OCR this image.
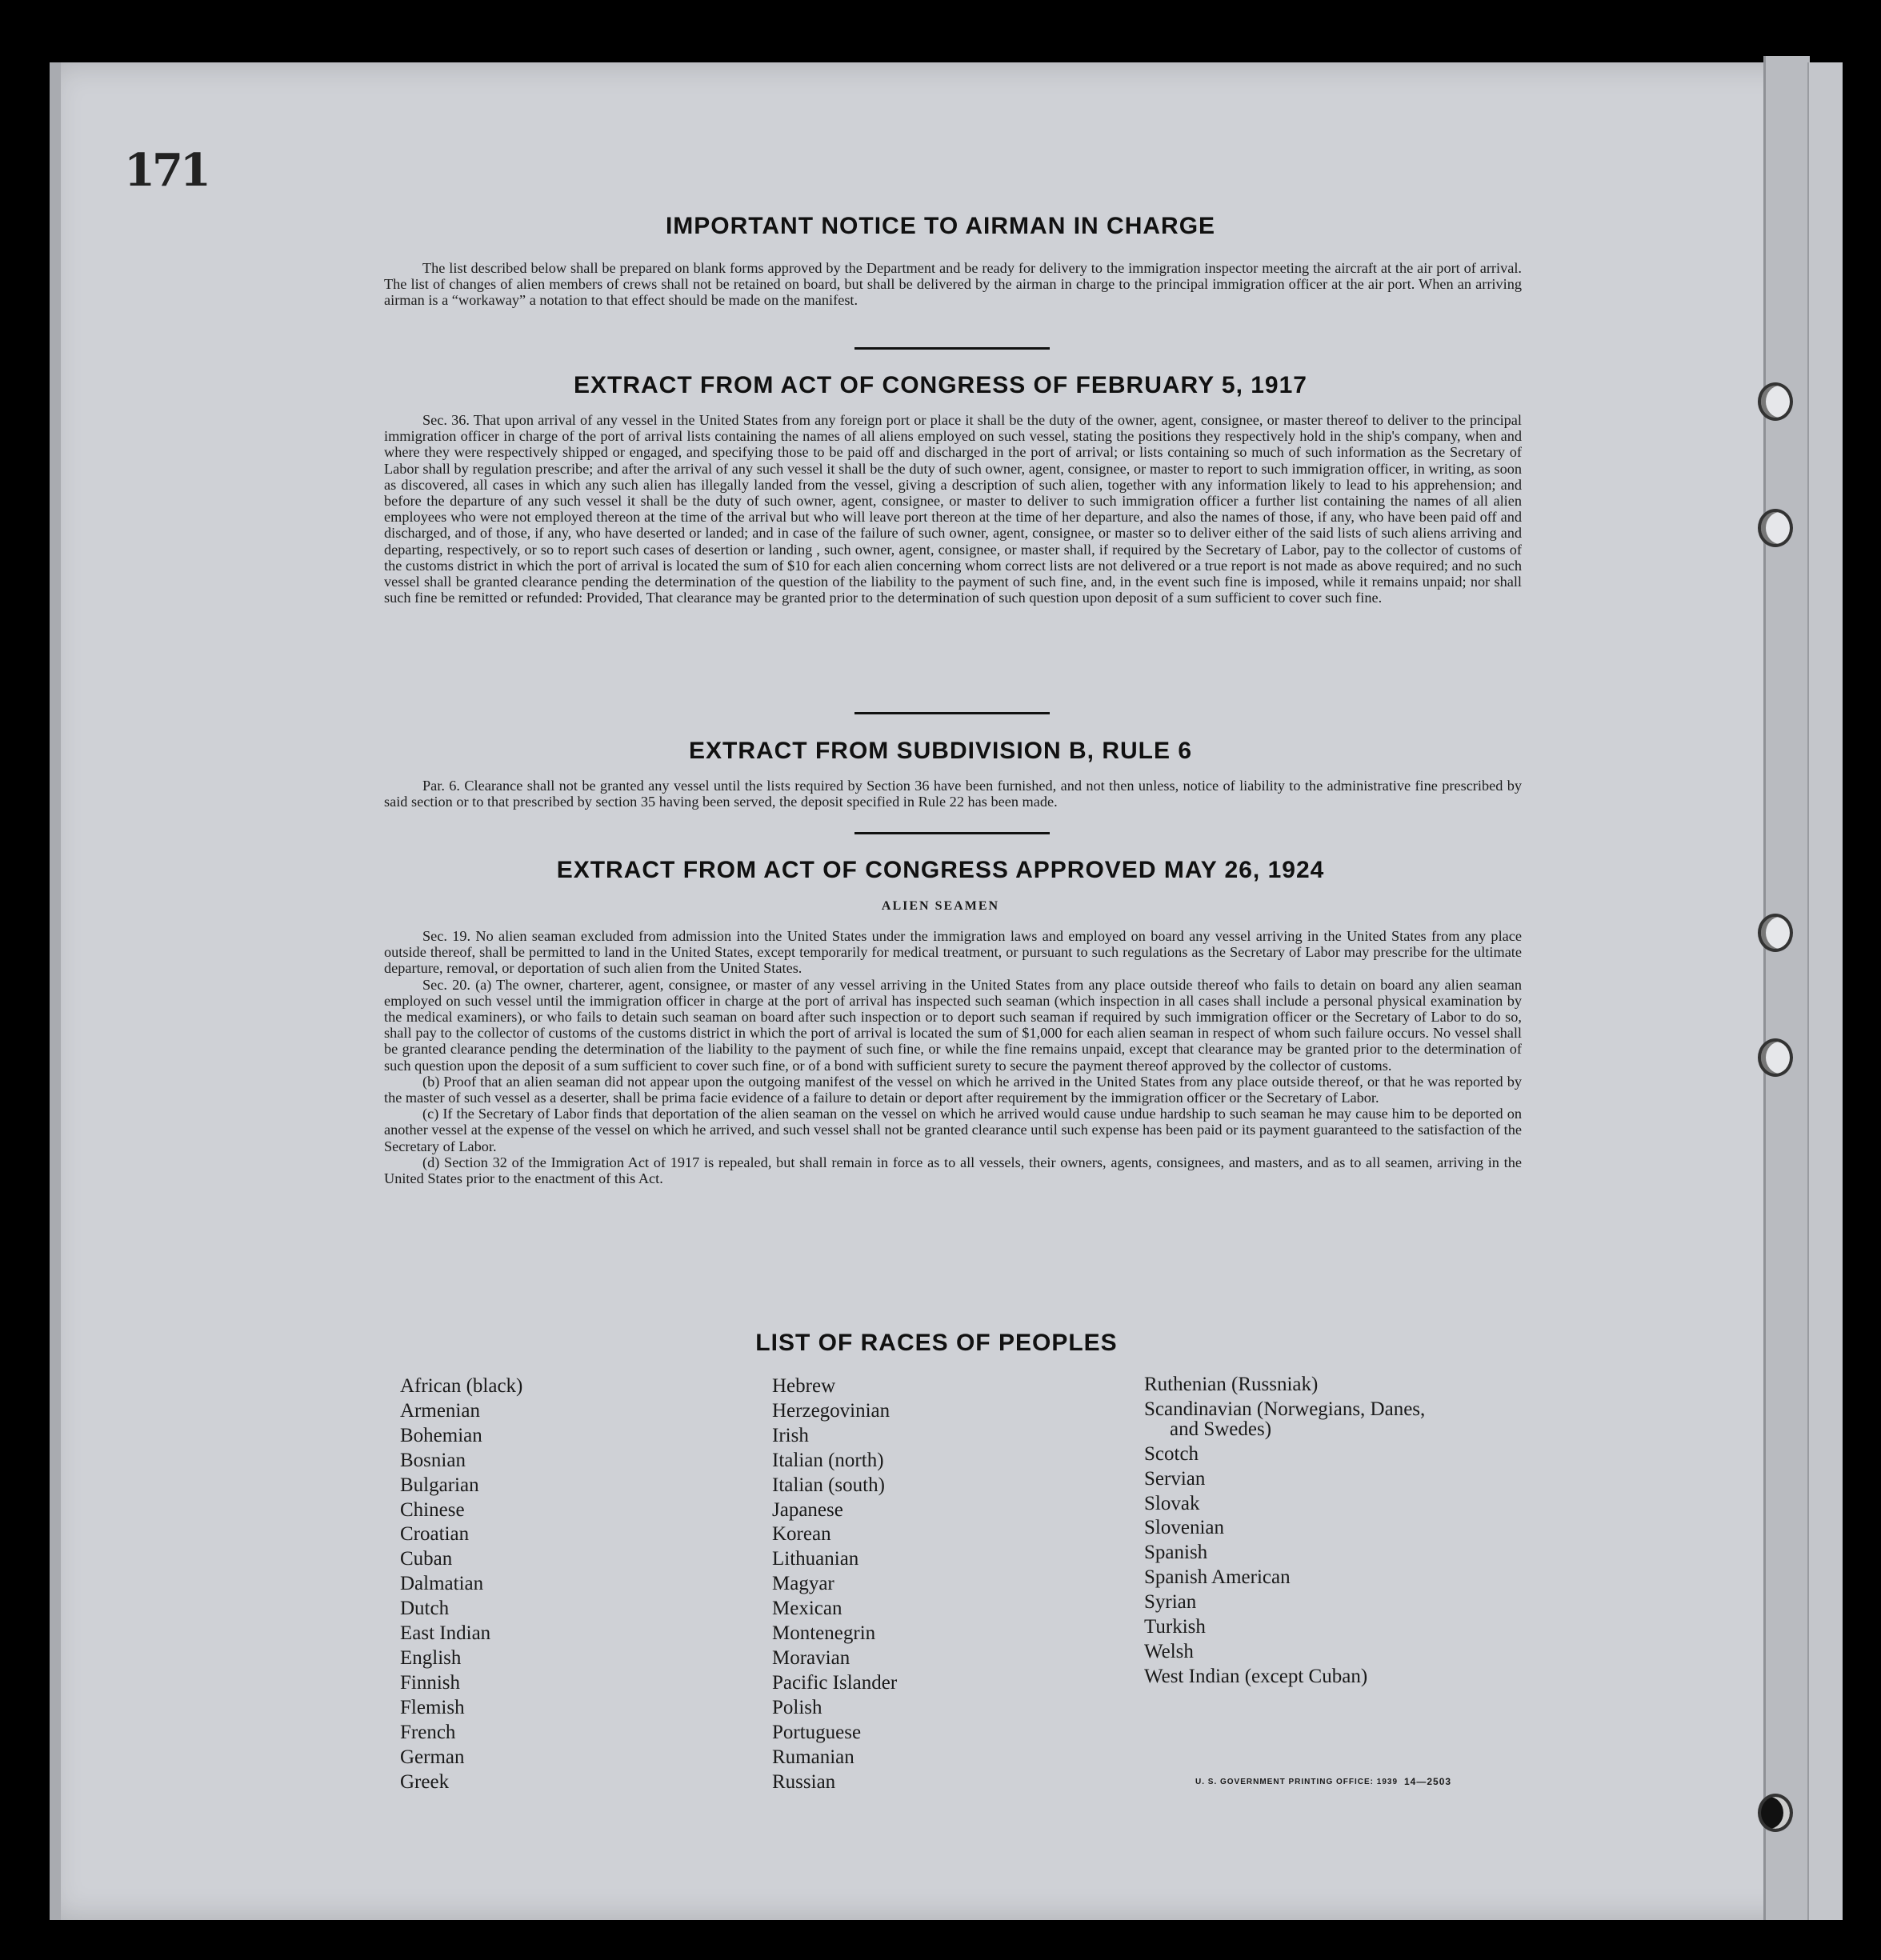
171
IMPORTANT NOTICE TO AIRMAN IN CHARGE

The list described below shall be prepared on blank forms approved by the Department and be ready for delivery to the immigration inspector meeting the aircraft at the air port of arrival. The list of changes of alien members of crews shall not be retained on board, but shall be delivered by the airman in charge to the principal immigration officer at the air port. When an arriving airman is a “workaway” a notation to that effect should be made on the manifest.

EXTRACT FROM ACT OF CONGRESS OF FEBRUARY 5, 1917

Sec. 36. That upon arrival of any vessel in the United States from any foreign port or place it shall be the duty of the owner, agent, consignee, or master thereof to deliver to the principal immigration officer in charge of the port of arrival lists containing the names of all aliens employed on such vessel, stating the positions they respectively hold in the ship's company, when and where they were respectively shipped or engaged, and specifying those to be paid off and discharged in the port of arrival; or lists containing so much of such information as the Secretary of Labor shall by regulation prescribe; and after the arrival of any such vessel it shall be the duty of such owner, agent, consignee, or master to report to such immigration officer, in writing, as soon as discovered, all cases in which any such alien has illegally landed from the vessel, giving a description of such alien, together with any information likely to lead to his apprehension; and before the departure of any such vessel it shall be the duty of such owner, agent, consignee, or master to deliver to such immigration officer a further list containing the names of all alien employees who were not employed thereon at the time of the arrival but who will leave port thereon at the time of her departure, and also the names of those, if any, who have been paid off and discharged, and of those, if any, who have deserted or landed; and in case of the failure of such owner, agent, consignee, or master so to deliver either of the said lists of such aliens arriving and departing, respectively, or so to report such cases of desertion or landing , such owner, agent, consignee, or master shall, if required by the Secretary of Labor, pay to the collector of customs of the customs district in which the port of arrival is located the sum of $10 for each alien concerning whom correct lists are not delivered or a true report is not made as above required; and no such vessel shall be granted clearance pending the determination of the question of the liability to the payment of such fine, and, in the event such fine is imposed, while it remains unpaid; nor shall such fine be remitted or refunded: Provided, That clearance may be granted prior to the determination of such question upon deposit of a sum sufficient to cover such fine.

EXTRACT FROM SUBDIVISION B, RULE 6

Par. 6. Clearance shall not be granted any vessel until the lists required by Section 36 have been furnished, and not then unless, notice of liability to the administrative fine prescribed by said section or to that prescribed by section 35 having been served, the deposit specified in Rule 22 has been made.

EXTRACT FROM ACT OF CONGRESS APPROVED MAY 26, 1924
ALIEN SEAMEN

Sec. 19. No alien seaman excluded from admission into the United States under the immigration laws and employed on board any vessel arriving in the United States from any place outside thereof, shall be permitted to land in the United States, except temporarily for medical treatment, or pursuant to such regulations as the Secretary of Labor may prescribe for the ultimate departure, removal, or deportation of such alien from the United States.

Sec. 20. (a) The owner, charterer, agent, consignee, or master of any vessel arriving in the United States from any place outside thereof who fails to detain on board any alien seaman employed on such vessel until the immigration officer in charge at the port of arrival has inspected such seaman (which inspection in all cases shall include a personal physical examination by the medical examiners), or who fails to detain such seaman on board after such inspection or to deport such seaman if required by such immigration officer or the Secretary of Labor to do so, shall pay to the collector of customs of the customs district in which the port of arrival is located the sum of $1,000 for each alien seaman in respect of whom such failure occurs. No vessel shall be granted clearance pending the determination of the liability to the payment of such fine, or while the fine remains unpaid, except that clearance may be granted prior to the determination of such question upon the deposit of a sum sufficient to cover such fine, or of a bond with sufficient surety to secure the payment thereof approved by the collector of customs.

(b) Proof that an alien seaman did not appear upon the outgoing manifest of the vessel on which he arrived in the United States from any place outside thereof, or that he was reported by the master of such vessel as a deserter, shall be prima facie evidence of a failure to detain or deport after requirement by the immigration officer or the Secretary of Labor.

(c) If the Secretary of Labor finds that deportation of the alien seaman on the vessel on which he arrived would cause undue hardship to such seaman he may cause him to be deported on another vessel at the expense of the vessel on which he arrived, and such vessel shall not be granted clearance until such expense has been paid or its payment guaranteed to the satisfaction of the Secretary of Labor.

(d) Section 32 of the Immigration Act of 1917 is repealed, but shall remain in force as to all vessels, their owners, agents, consignees, and masters, and as to all seamen, arriving in the United States prior to the enactment of this Act.

LIST OF RACES OF PEOPLES
African (black)
Armenian
Bohemian
Bosnian
Bulgarian
Chinese
Croatian
Cuban
Dalmatian
Dutch
East Indian
English
Finnish
Flemish
French
German
Greek
Hebrew
Herzegovinian
Irish
Italian (north)
Italian (south)
Japanese
Korean
Lithuanian
Magyar
Mexican
Montenegrin
Moravian
Pacific Islander
Polish
Portuguese
Rumanian
Russian
Ruthenian (Russniak)
Scandinavian (Norwegians, Danes,
and Swedes)
Scotch
Servian
Slovak
Slovenian
Spanish
Spanish American
Syrian
Turkish
Welsh
West Indian (except Cuban)
U. S. GOVERNMENT PRINTING OFFICE: 1939 14—2503
